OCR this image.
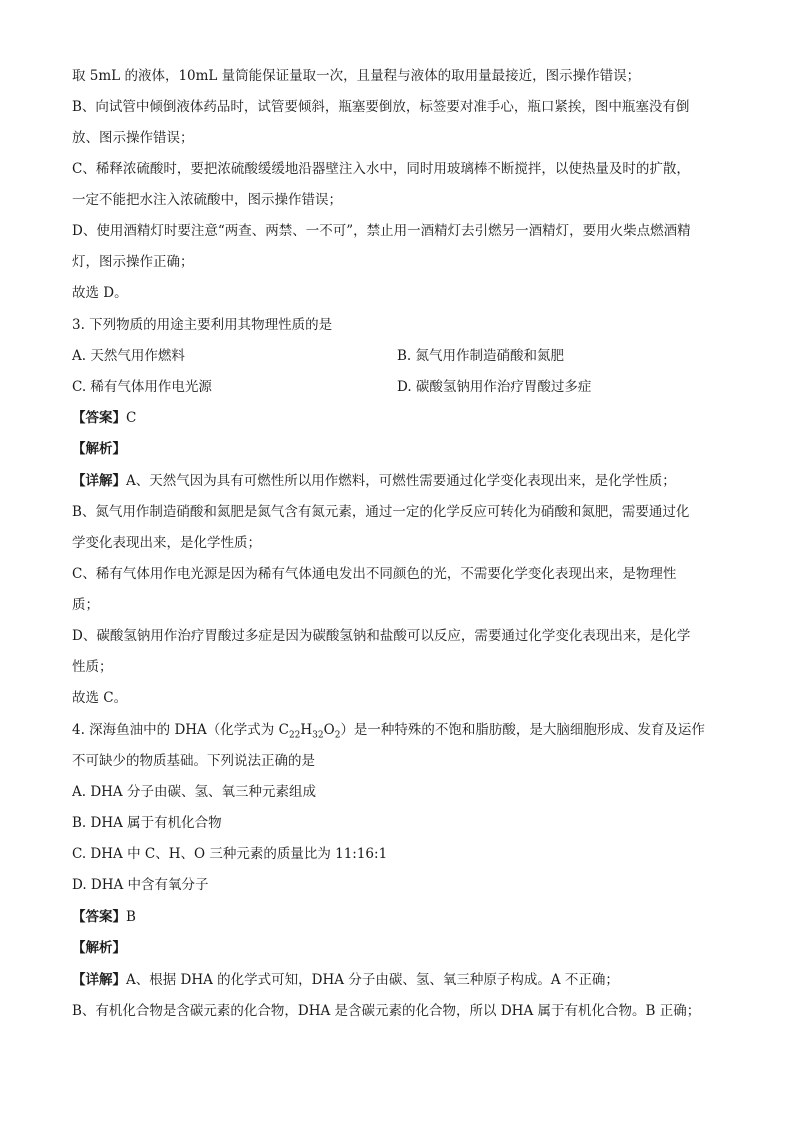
取 5mL 的液体，10mL 量筒能保证量取一次，且量程与液体的取用量最接近，图示操作错误；
B、向试管中倾倒液体药品时，试管要倾斜，瓶塞要倒放，标签要对准手心，瓶口紧挨，图中瓶塞没有倒
放、图示操作错误；
C、稀释浓硫酸时，要把浓硫酸缓缓地沿器壁注入水中，同时用玻璃棒不断搅拌，以使热量及时的扩散，
一定不能把水注入浓硫酸中，图示操作错误；
D、使用酒精灯时要注意“两查、两禁、一不可”，禁止用一酒精灯去引燃另一酒精灯，要用火柴点燃酒精
灯，图示操作正确；
故选 D。
3. 下列物质的用途主要利用其物理性质的是
A. 天然气用作燃料	B. 氮气用作制造硝酸和氮肥
C. 稀有气体用作电光源	D. 碳酸氢钠用作治疗胃酸过多症
【答案】C
【解析】
【详解】A、天然气因为具有可燃性所以用作燃料，可燃性需要通过化学变化表现出来，是化学性质；
B、氮气用作制造硝酸和氮肥是氮气含有氮元素，通过一定的化学反应可转化为硝酸和氮肥，需要通过化
学变化表现出来，是化学性质；
C、稀有气体用作电光源是因为稀有气体通电发出不同颜色的光，不需要化学变化表现出来，是物理性
质；
D、碳酸氢钠用作治疗胃酸过多症是因为碳酸氢钠和盐酸可以反应，需要通过化学变化表现出来，是化学
性质；
故选 C。
4. 深海鱼油中的 DHA（化学式为 $C_{22}H_{32}O_2$）是一种特殊的不饱和脂肪酸，是大脑细胞形成、发育及运作
不可缺少的物质基础。下列说法正确的是
A. DHA 分子由碳、氢、氧三种元素组成
B. DHA 属于有机化合物
C. DHA 中 C、H、O 三种元素的质量比为 11:16:1
D. DHA 中含有氧分子
【答案】B
【解析】
【详解】A、根据 DHA 的化学式可知，DHA 分子由碳、氢、氧三种原子构成。A 不正确；
B、有机化合物是含碳元素的化合物，DHA 是含碳元素的化合物，所以 DHA 属于有机化合物。B 正确；
